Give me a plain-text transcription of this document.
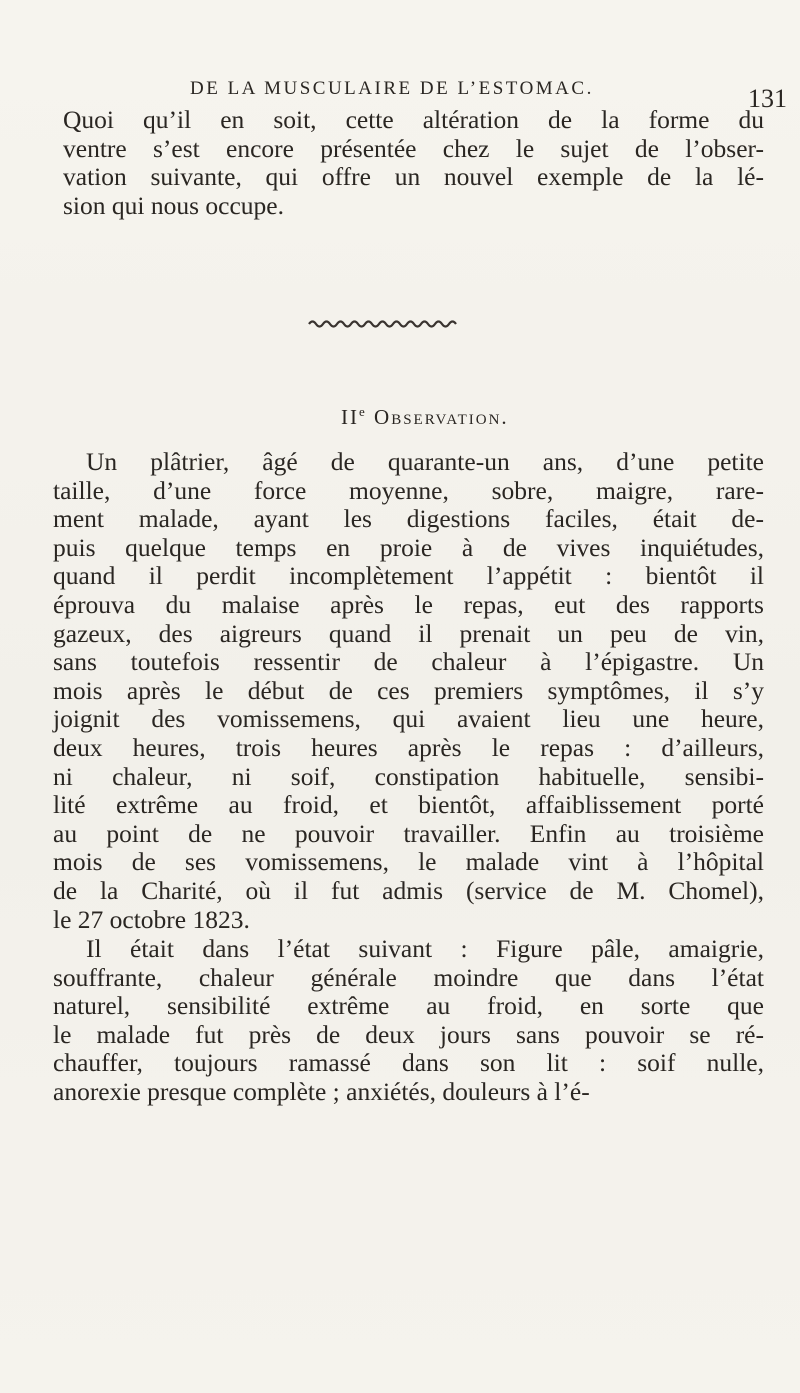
DE LA MUSCULAIRE DE L’ESTOMAC.	131
Quoi qu’il en soit, cette altération de la forme du
ventre s’est encore présentée chez le sujet de l’obser-
vation suivante, qui offre un nouvel exemple de la lé-
sion qui nous occupe.
IIe Observation.
Un plâtrier, âgé de quarante-un ans, d’une petite
taille, d’une force moyenne, sobre, maigre, rare-
ment malade, ayant les digestions faciles, était de-
puis quelque temps en proie à de vives inquiétudes,
quand il perdit incomplètement l’appétit : bientôt il
éprouva du malaise après le repas, eut des rapports
gazeux, des aigreurs quand il prenait un peu de vin,
sans toutefois ressentir de chaleur à l’épigastre. Un
mois après le début de ces premiers symptômes, il s’y
joignit des vomissemens, qui avaient lieu une heure,
deux heures, trois heures après le repas : d’ailleurs,
ni chaleur, ni soif, constipation habituelle, sensibi-
lité extrême au froid, et bientôt, affaiblissement porté
au point de ne pouvoir travailler. Enfin au troisième
mois de ses vomissemens, le malade vint à l’hôpital
de la Charité, où il fut admis (service de M. Chomel),
le 27 octobre 1823.
Il était dans l’état suivant : Figure pâle, amaigrie,
souffrante, chaleur générale moindre que dans l’état
naturel, sensibilité extrême au froid, en sorte que
le malade fut près de deux jours sans pouvoir se ré-
chauffer, toujours ramassé dans son lit : soif nulle,
anorexie presque complète ; anxiétés, douleurs à l’é-
